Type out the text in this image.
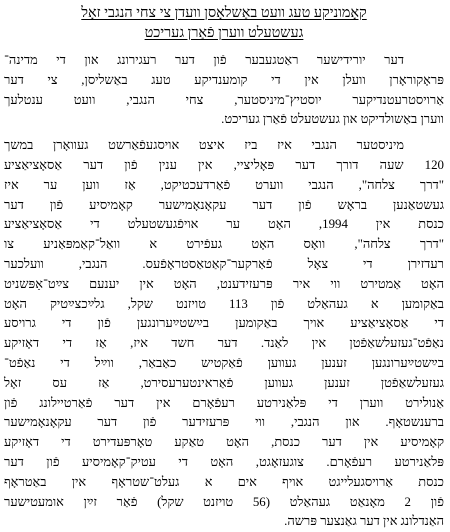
קאָמוניקע טעג וועט באַשלאָסן וועדן צי צחי הנגבי זאָל
געשטעלט ווערן פֿאַרן געריכט
דער יורידישער ראַטגעבער פֿון דער רעגירונג און די מדינה־
פּראָקוראָרן וועלן אין די קומענדיקע טעג באַשליסן, צי דער
אַרויסטרעטנדיקער יוסטיץ־מיניסטער, צחי הנגבי, וועט ענטלעך
ווערן באַשולדיקט און געשטעלט פֿאַרן געריכט.
מיניסטער הנגבי איז ביז איצט אויסגעפֿאַרשט געוואָרן במשך
120 שעה דורך דער פּאָליציי, אין ענין פֿון דער אַסאָציאַציע
"דרך צלחה", הנגבי ווערט פֿאַרדעכטיקט, אַז ווען ער איז
געשטאַנען בראָש פֿון דער עקאָנאָמישער קאָמיסיע פֿון דער
כנסת אין 1994, האָט ער אויפֿגעשטעלט די אַסאָציאַציע
"דרך צלחה", וואָס האָט געפֿירט א וואַל־קאַמפּאַניע צו
רעדזירן די צאָל פֿאַרקער־קאַטאַסטראָפֿעס. הנגבי, וועלכער
האָט אַמטירט ווי איר פּרעזידענט, האָט אין יענעם צײַט־אַפּשניט
באַקומען א געהאַלט פֿון 113 טויזנט שקל, גלײַכצײַטיק האָט
די אַסאָציאַציע אויך באַקומען בײַשטײַערונגען פֿון די גרויסע
נאַפֿט־געזעלשאַפֿטן אין לאַנד. דער חשד איז, אַז די דאָזיקע
בײַשטײַערונגען זענען געווען פֿאַקטיש כאַבאַר, ווײַל די נאַפֿט־
געזעלשאַפֿטן זענען געווען פֿאַראינטערעסירט, אַז עס זאָל
אַנולירט ווערן די פּלאַנירטע רעפֿאָרם אין דער פֿאַרטיילונג פֿון
ברענשטאָף. און הנגבי, ווי פּרעזידער פֿון דער עקאָנאָמישער
קאָמיסיע אין דער כנסת, האָט טאַקע טאָרפּעדירט די דאָזיקע
פּלאַנירטע רעפֿאָרם. צוגעזאָגט, האָט די עטיק־קאָמיסיע פֿון דער
כנסת אַרויסגעלייגט אויף אים א געלט־שטראָף אין באַטראָף
פֿון 2 מאָנאַט געהאַלט (56 טויזנט שקל) פֿאַר זײַן אומעטישער
האַנדלונג אין דער גאַנצער פּרשה.
